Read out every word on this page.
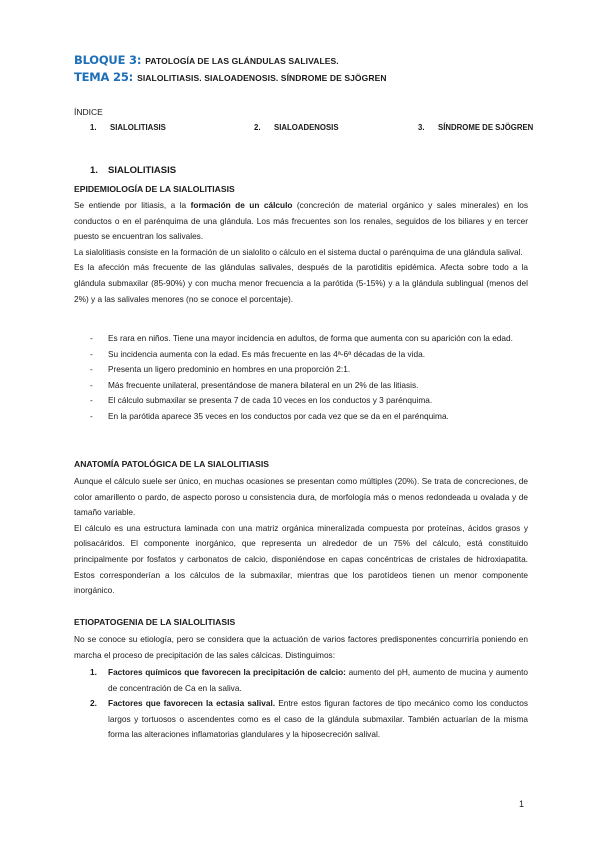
BLOQUE 3: PATOLOGÍA DE LAS GLÁNDULAS SALIVALES.
TEMA 25: SIALOLITIASIS. SIALOADENOSIS. SÍNDROME DE SJÖGREN
ÍNDICE
1. SIALOLITIASIS	2. SIALOADENOSIS	3. SÍNDROME DE SJÖGREN
1.	SIALOLITIASIS
EPIDEMIOLOGÍA DE LA SIALOLITIASIS

Se entiende por litiasis, a la formación de un cálculo (concreción de material orgánico y sales minerales) en los conductos o en el parénquima de una glándula. Los más frecuentes son los renales, seguidos de los biliares y en tercer puesto se encuentran los salivales.

La sialolitiasis consiste en la formación de un sialolito o cálculo en el sistema ductal o parénquima de una glándula salival.

Es la afección más frecuente de las glándulas salivales, después de la parotiditis epidémica. Afecta sobre todo a la glándula submaxilar (85-90%) y con mucha menor frecuencia a la parótida (5-15%) y a la glándula sublingual (menos del 2%) y a las salivales menores (no se conoce el porcentaje).

- Es rara en niños. Tiene una mayor incidencia en adultos, de forma que aumenta con su aparición con la edad.
- Su incidencia aumenta con la edad. Es más frecuente en las 4ª-6ª décadas de la vida.
- Presenta un ligero predominio en hombres en una proporción 2:1.
- Más frecuente unilateral, presentándose de manera bilateral en un 2% de las litiasis.
- El cálculo submaxilar se presenta 7 de cada 10 veces en los conductos y 3 parénquima.
- En la parótida aparece 35 veces en los conductos por cada vez que se da en el parénquima.
ANATOMÍA PATOLÓGICA DE LA SIALOLITIASIS

Aunque el cálculo suele ser único, en muchas ocasiones se presentan como múltiples (20%). Se trata de concreciones, de color amarillento o pardo, de aspecto poroso u consistencia dura, de morfología más o menos redondeada u ovalada y de tamaño variable.

El cálculo es una estructura laminada con una matriz orgánica mineralizada compuesta por proteínas, ácidos grasos y polisacáridos. El componente inorgánico, que representa un alrededor de un 75% del cálculo, está constituido principalmente por fosfatos y carbonatos de calcio, disponiéndose en capas concéntricas de cristales de hidroxiapatita. Estos corresponderían a los cálculos de la submaxilar, mientras que los parotídeos tienen un menor componente inorgánico.

ETIOPATOGENIA DE LA SIALOLITIASIS

No se conoce su etiología, pero se considera que la actuación de varios factores predisponentes concurriría poniendo en marcha el proceso de precipitación de las sales cálcicas. Distinguimos:

1. Factores químicos que favorecen la precipitación de calcio: aumento del pH, aumento de mucina y aumento de concentración de Ca en la saliva.
2. Factores que favorecen la ectasia salival. Entre estos figuran factores de tipo mecánico como los conductos largos y tortuosos o ascendentes como es el caso de la glándula submaxilar. También actuarían de la misma forma las alteraciones inflamatorias glandulares y la hiposecreción salival.
1
